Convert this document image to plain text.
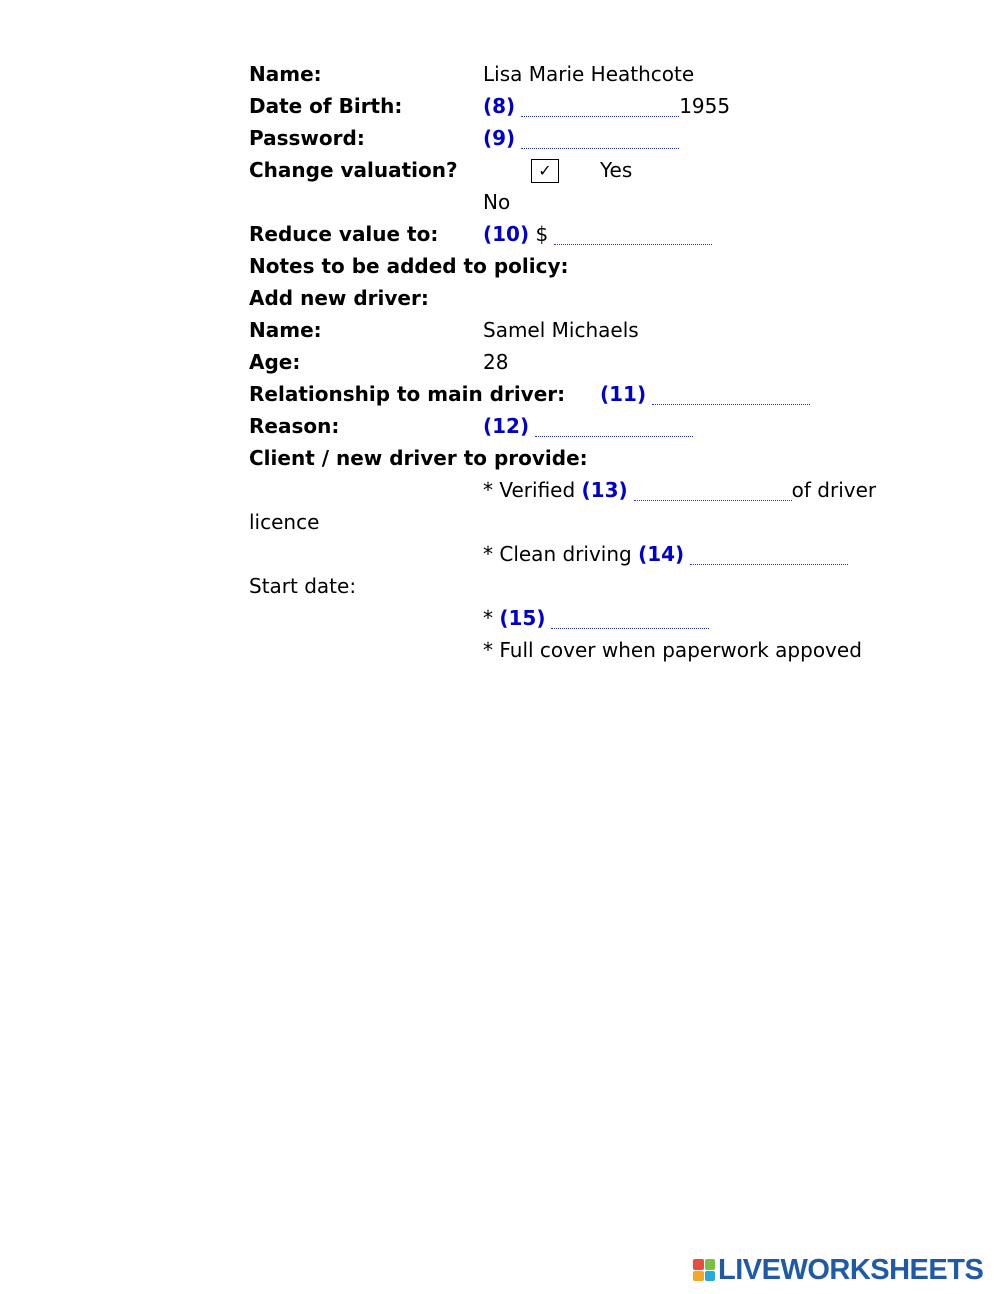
Name:	Lisa Marie Heathcote
Date of Birth:	(8)	1955
Password:	(9)
Change valuation?	✓	Yes
No
Reduce value to: (10) $
Notes to be added to policy:
Add new driver:
Name:	Samel Michaels
Age:	28
Relationship to main driver: (11)
Reason:	(12)
Client / new driver to provide:
* Verified (13)	of driver
licence
* Clean driving (14)
Start date:
* (15)
* Full cover when paperwork appoved
LIVEWORKSHEETS
